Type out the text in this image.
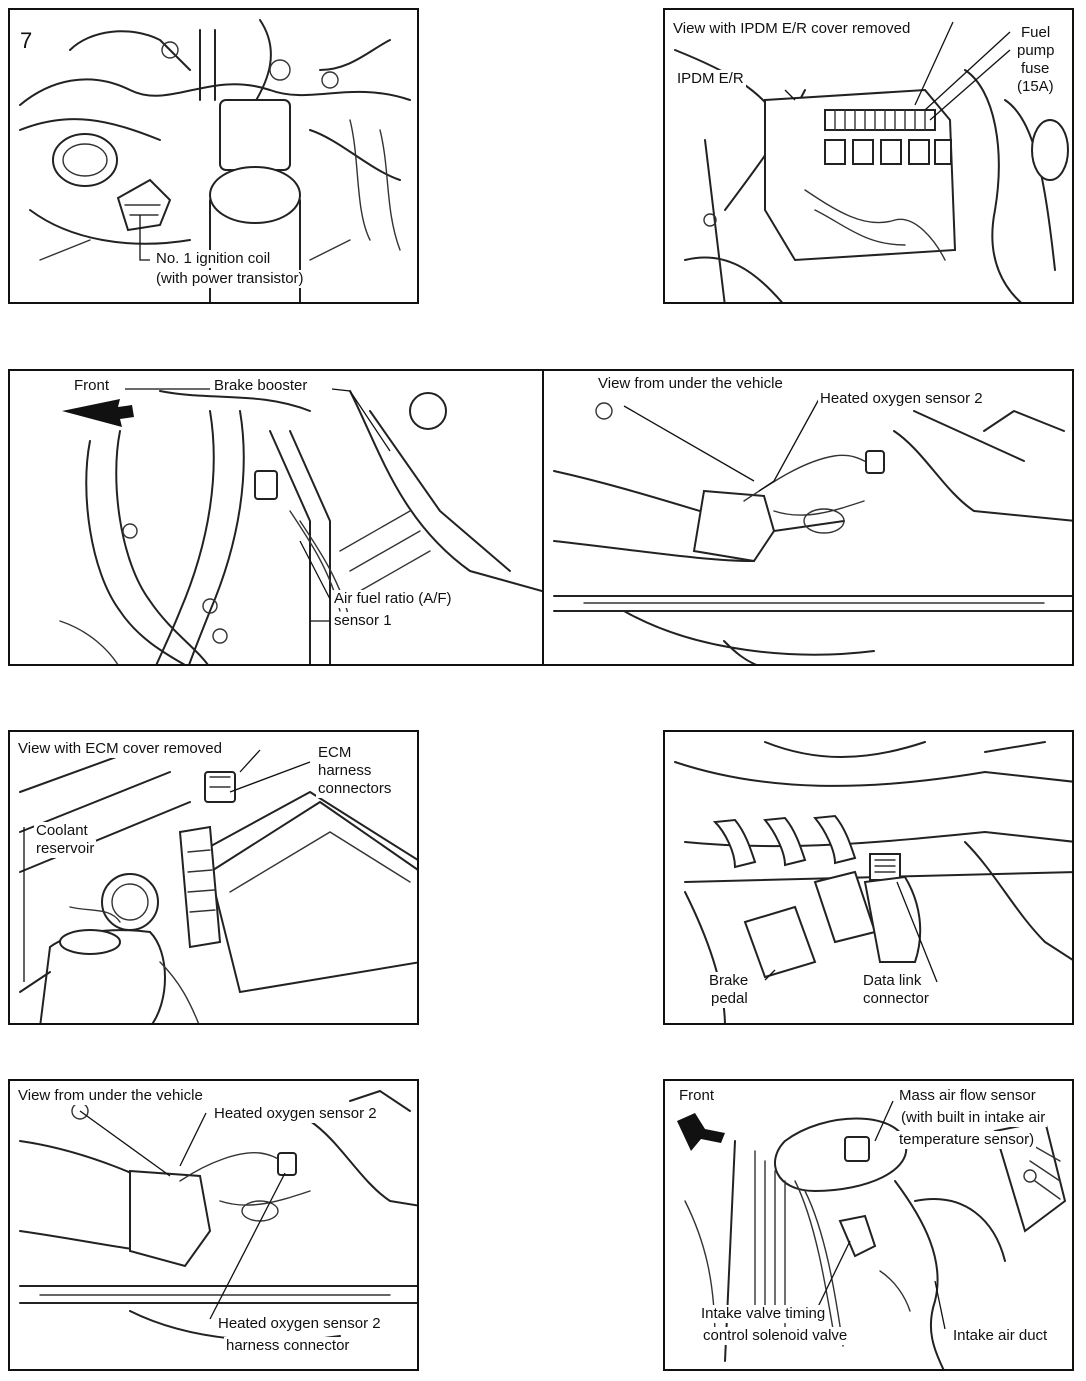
7
No. 1 ignition coil
(with power transistor)
View with IPDM E/R cover removed
IPDM E/R
Fuel
pump
fuse
(15A)
Front	Brake booster
Air fuel ratio (A/F)
sensor 1
View from under the vehicle
Heated oxygen sensor 2
View with ECM cover removed	ECM
harness
connectors
Coolant
reservoir
Brake
pedal
Data link
connector
View from under the vehicle
Heated oxygen sensor 2
Heated oxygen sensor 2
harness connector
Front	Mass air flow sensor
(with built in intake air
temperature sensor)
Intake valve timing
control solenoid valve	Intake air duct
